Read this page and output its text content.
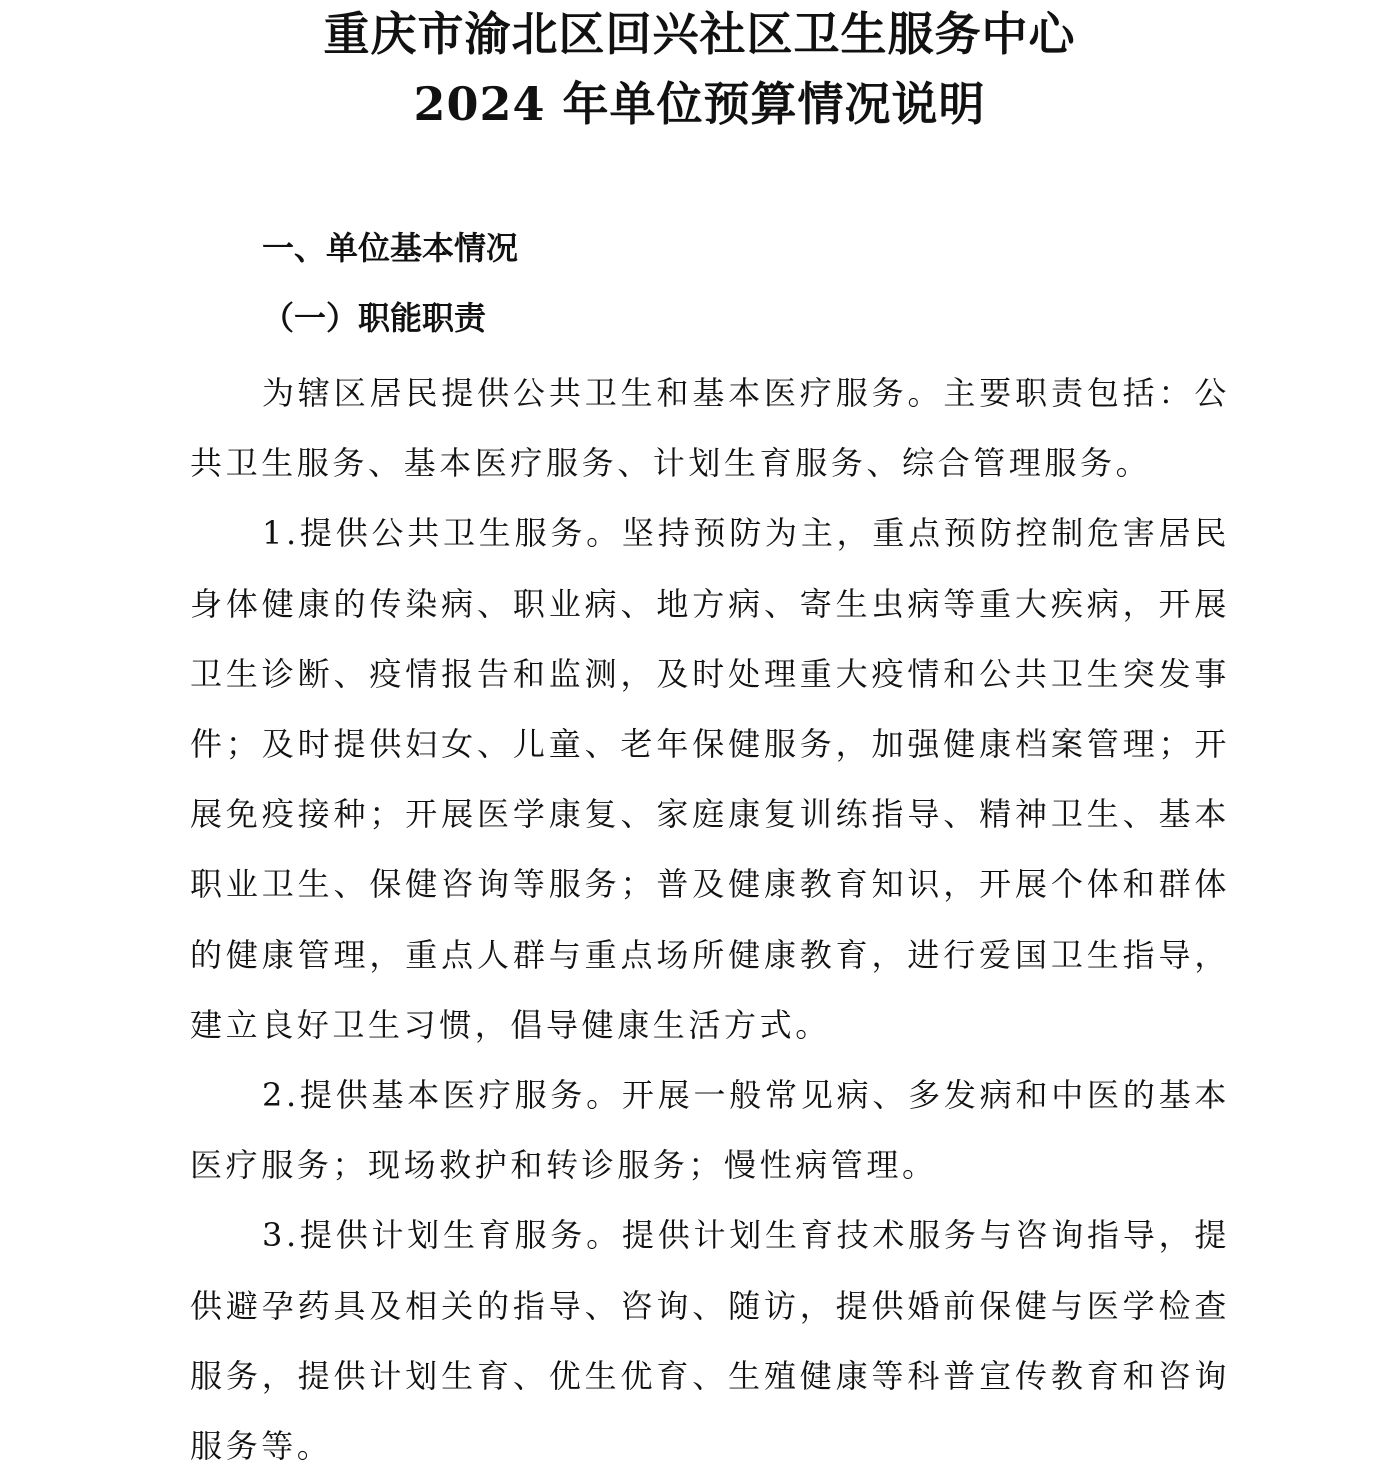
重庆市渝北区回兴社区卫生服务中心
2024 年单位预算情况说明
一、单位基本情况
（一）职能职责

为辖区居民提供公共卫生和基本医疗服务。主要职责包括：公共卫生服务、基本医疗服务、计划生育服务、综合管理服务。

1.提供公共卫生服务。坚持预防为主，重点预防控制危害居民身体健康的传染病、职业病、地方病、寄生虫病等重大疾病，开展卫生诊断、疫情报告和监测，及时处理重大疫情和公共卫生突发事件；及时提供妇女、儿童、老年保健服务，加强健康档案管理；开展免疫接种；开展医学康复、家庭康复训练指导、精神卫生、基本职业卫生、保健咨询等服务；普及健康教育知识，开展个体和群体的健康管理，重点人群与重点场所健康教育，进行爱国卫生指导，建立良好卫生习惯，倡导健康生活方式。

2.提供基本医疗服务。开展一般常见病、多发病和中医的基本医疗服务；现场救护和转诊服务；慢性病管理。

3.提供计划生育服务。提供计划生育技术服务与咨询指导，提供避孕药具及相关的指导、咨询、随访，提供婚前保健与医学检查服务，提供计划生育、优生优育、生殖健康等科普宣传教育和咨询服务等。
